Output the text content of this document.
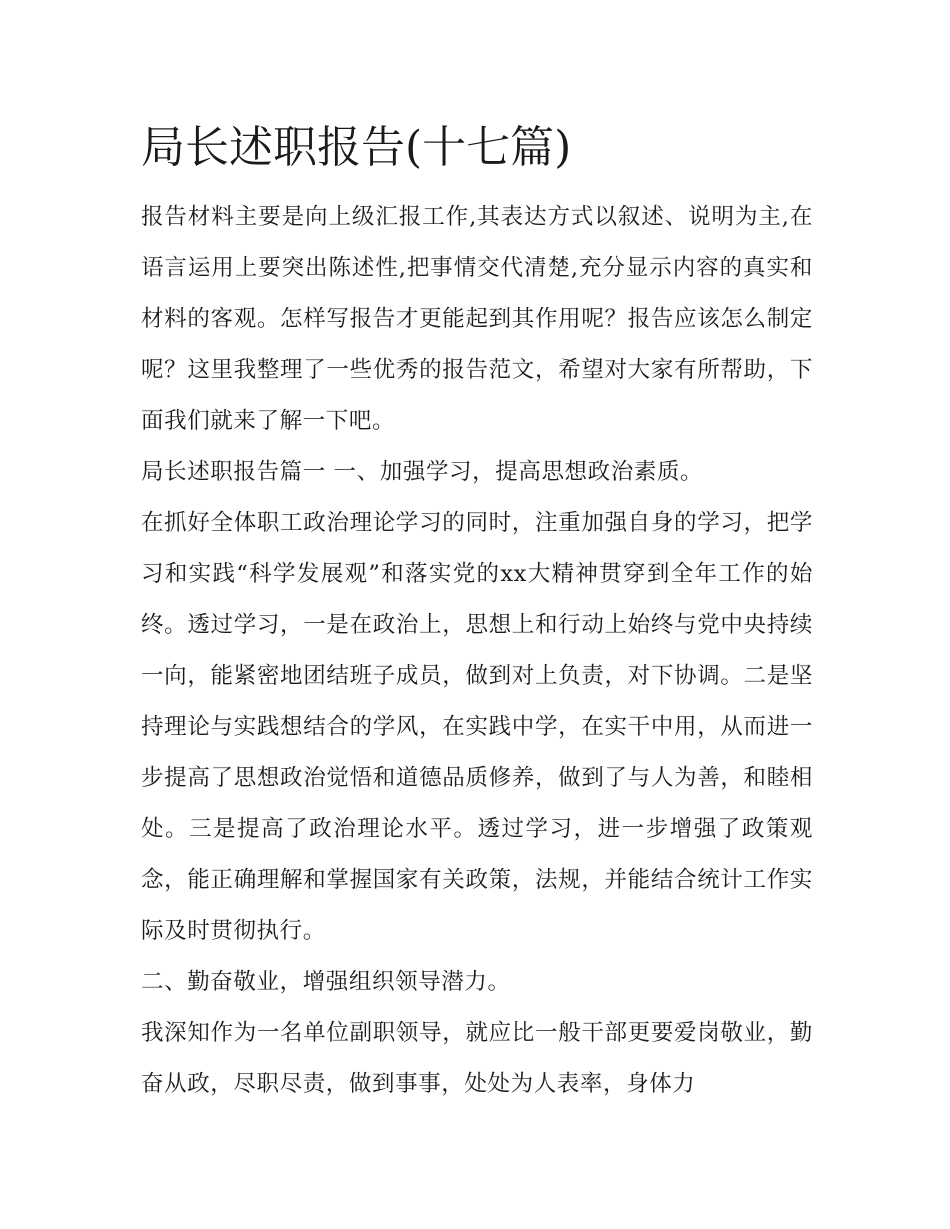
局长述职报告(十七篇)

报告材料主要是向上级汇报工作,其表达方式以叙述、说明为主,在语言运用上要突出陈述性,把事情交代清楚,充分显示内容的真实和材料的客观。怎样写报告才更能起到其作用呢？报告应该怎么制定呢？这里我整理了一些优秀的报告范文，希望对大家有所帮助，下面我们就来了解一下吧。

局长述职报告篇一 一、加强学习，提高思想政治素质。

在抓好全体职工政治理论学习的同时，注重加强自身的学习，把学习和实践“科学发展观”和落实党的xx大精神贯穿到全年工作的始终。透过学习，一是在政治上，思想上和行动上始终与党中央持续一向，能紧密地团结班子成员，做到对上负责，对下协调。二是坚持理论与实践想结合的学风，在实践中学，在实干中用，从而进一步提高了思想政治觉悟和道德品质修养，做到了与人为善，和睦相处。三是提高了政治理论水平。透过学习，进一步增强了政策观念，能正确理解和掌握国家有关政策，法规，并能结合统计工作实际及时贯彻执行。

二、勤奋敬业，增强组织领导潜力。

我深知作为一名单位副职领导，就应比一般干部更要爱岗敬业，勤奋从政，尽职尽责，做到事事，处处为人表率，身体力
